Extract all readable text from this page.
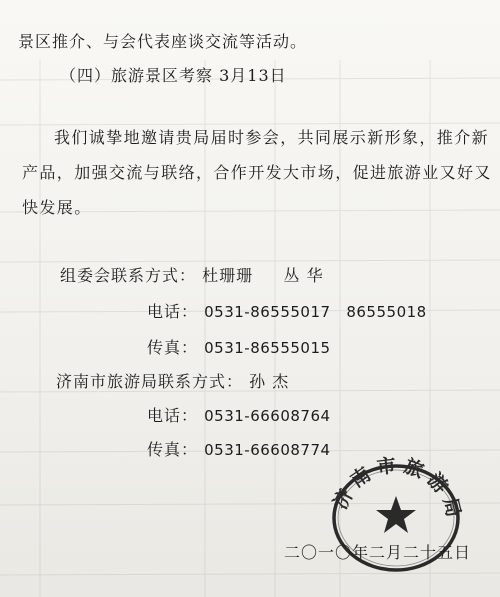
景区推介、与会代表座谈交流等活动。
（四）旅游景区考察 3月13日
我们诚挚地邀请贵局届时参会，共同展示新形象，推介新产品，加强交流与联络，合作开发大市场，促进旅游业又好又快发展。
组委会联系方式： 杜珊珊     丛 华
电话： 0531-86555017   86555018
传真： 0531-86555015
济南市旅游局联系方式： 孙 杰
电话： 0531-66608764
传真： 0531-66608774
济南市旅游局
二〇一〇年二月二十五日
